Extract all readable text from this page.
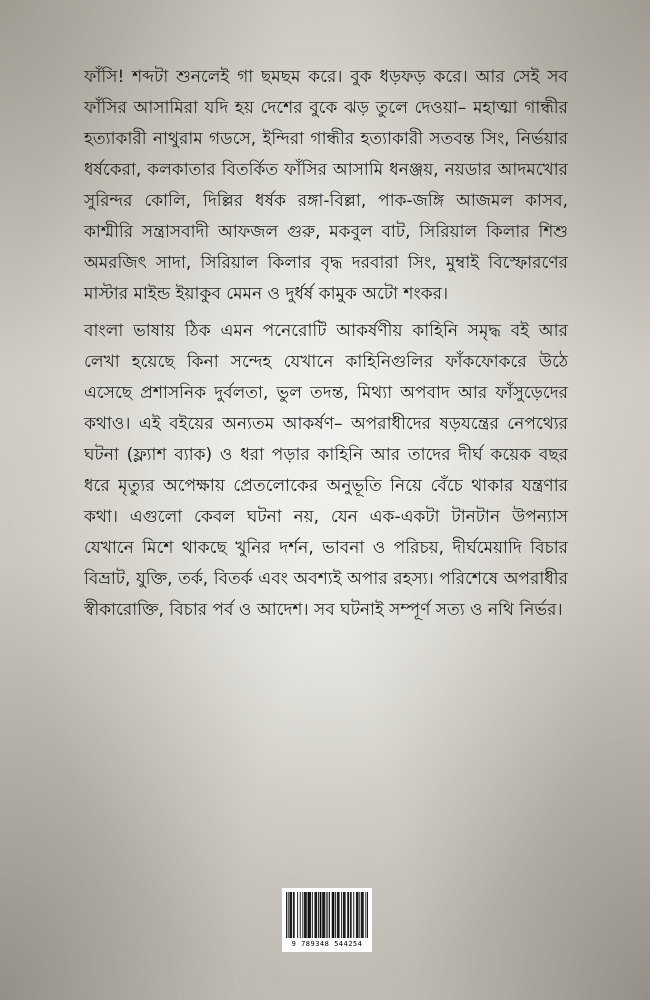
ফাঁসি! শব্দটা শুনলেই গা ছমছম করে। বুক ধড়ফড় করে। আর সেই সব ফাঁসির আসামিরা যদি হয় দেশের বুকে ঝড় তুলে দেওয়া– মহাত্মা গান্ধীর হত্যাকারী নাথুরাম গডসে, ইন্দিরা গান্ধীর হত্যাকারী সতবন্ত সিং, নির্ভয়ার ধর্ষকেরা, কলকাতার বিতর্কিত ফাঁসির আসামি ধনঞ্জয়, নয়ডার আদমখোর সুরিন্দর কোলি, দিল্লির ধর্ষক রঙ্গা-বিল্লা, পাক-জঙ্গি আজমল কাসব, কাশ্মীরি সন্ত্রাসবাদী আফজল গুরু, মকবুল বাট, সিরিয়াল কিলার শিশু অমরজিৎ সাদা, সিরিয়াল কিলার বৃদ্ধ দরবারা সিং, মুম্বাই বিস্ফোরণের মাস্টার মাইন্ড ইয়াকুব মেমন ও দুর্ধর্ষ কামুক অটো শংকর।

বাংলা ভাষায় ঠিক এমন পনেরোটি আকর্ষণীয় কাহিনি সমৃদ্ধ বই আর লেখা হয়েছে কিনা সন্দেহ যেখানে কাহিনিগুলির ফাঁকফোকরে উঠে এসেছে প্রশাসনিক দুর্বলতা, ভুল তদন্ত, মিথ্যা অপবাদ আর ফাঁসুড়েদের কথাও। এই বইয়ের অন্যতম আকর্ষণ– অপরাধীদের ষড়যন্ত্রের নেপথ্যের ঘটনা (ফ্ল্যাশ ব্যাক) ও ধরা পড়ার কাহিনি আর তাদের দীর্ঘ কয়েক বছর ধরে মৃত্যুর অপেক্ষায় প্রেতলোকের অনুভূতি নিয়ে বেঁচে থাকার যন্ত্রণার কথা। এগুলো কেবল ঘটনা নয়, যেন এক-একটা টানটান উপন্যাস যেখানে মিশে থাকছে খুনির দর্শন, ভাবনা ও পরিচয়, দীর্ঘমেয়াদি বিচার বিভ্রাট, যুক্তি, তর্ক, বিতর্ক এবং অবশ্যই অপার রহস্য। পরিশেষে অপরাধীর স্বীকারোক্তি, বিচার পর্ব ও আদেশ। সব ঘটনাই সম্পূর্ণ সত্য ও নথি নির্ভর।

9 789348 544254
